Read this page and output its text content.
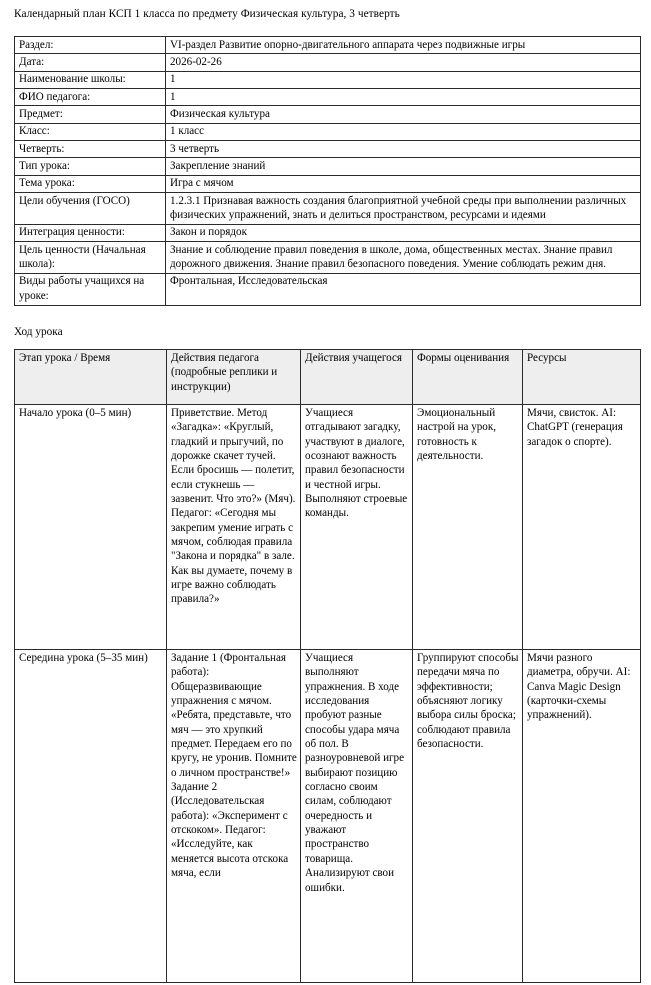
Календарный план КСП 1 класса по предмету Физическая культура, 3 четверть
Раздел:	VI-раздел Развитие опорно-двигательного аппарата через подвижные игры
Дата:	2026-02-26
Наименование школы:	1
ФИО педагога:	1
Предмет:	Физическая культура
Класс:	1 класс
Четверть:	3 четверть
Тип урока:	Закрепление знаний
Тема урока:	Игра с мячом
Цели обучения (ГОСО)	1.2.3.1 Признавая важность создания благоприятной учебной среды при выполнении различных физических упражнений, знать и делиться пространством, ресурсами и идеями
Интеграция ценности:	Закон и порядок
Цель ценности (Начальная школа):	Знание и соблюдение правил поведения в школе, дома, общественных местах. Знание правил дорожного движения. Знание правил безопасного поведения. Умение соблюдать режим дня.
Виды работы учащихся на уроке:	Фронтальная, Исследовательская
Ход урока
Этап урока / Время	Действия педагога (подробные реплики и инструкции)	Действия учащегося	Формы оценивания	Ресурсы
Начало урока (0–5 мин)	Приветствие. Метод «Загадка»: «Круглый, гладкий и прыгучий, по дорожке скачет тучей. Если бросишь — полетит, если стукнешь — зазвенит. Что это?» (Мяч). Педагог: «Сегодня мы закрепим умение играть с мячом, соблюдая правила "Закона и порядка" в зале. Как вы думаете, почему в игре важно соблюдать правила?»	Учащиеся отгадывают загадку, участвуют в диалоге, осознают важность правил безопасности и честной игры. Выполняют строевые команды.	Эмоциональный настрой на урок, готовность к деятельности.	Мячи, свисток. AI: ChatGPT (генерация загадок о спорте).
Середина урока (5–35 мин)	Задание 1 (Фронтальная работа): Общеразвивающие упражнения с мячом. «Ребята, представьте, что мяч — это хрупкий предмет. Передаем его по кругу, не уронив. Помните о личном пространстве!» Задание 2 (Исследовательская работа): «Эксперимент с отскоком». Педагог: «Исследуйте, как меняется высота отскока мяча, если	Учащиеся выполняют упражнения. В ходе исследования пробуют разные способы удара мяча об пол. В разноуровневой игре выбирают позицию согласно своим силам, соблюдают очередность и уважают пространство товарища. Анализируют свои ошибки.	Группируют способы передачи мяча по эффективности; объясняют логику выбора силы броска; соблюдают правила безопасности.	Мячи разного диаметра, обручи. AI: Canva Magic Design (карточки-схемы упражнений).
